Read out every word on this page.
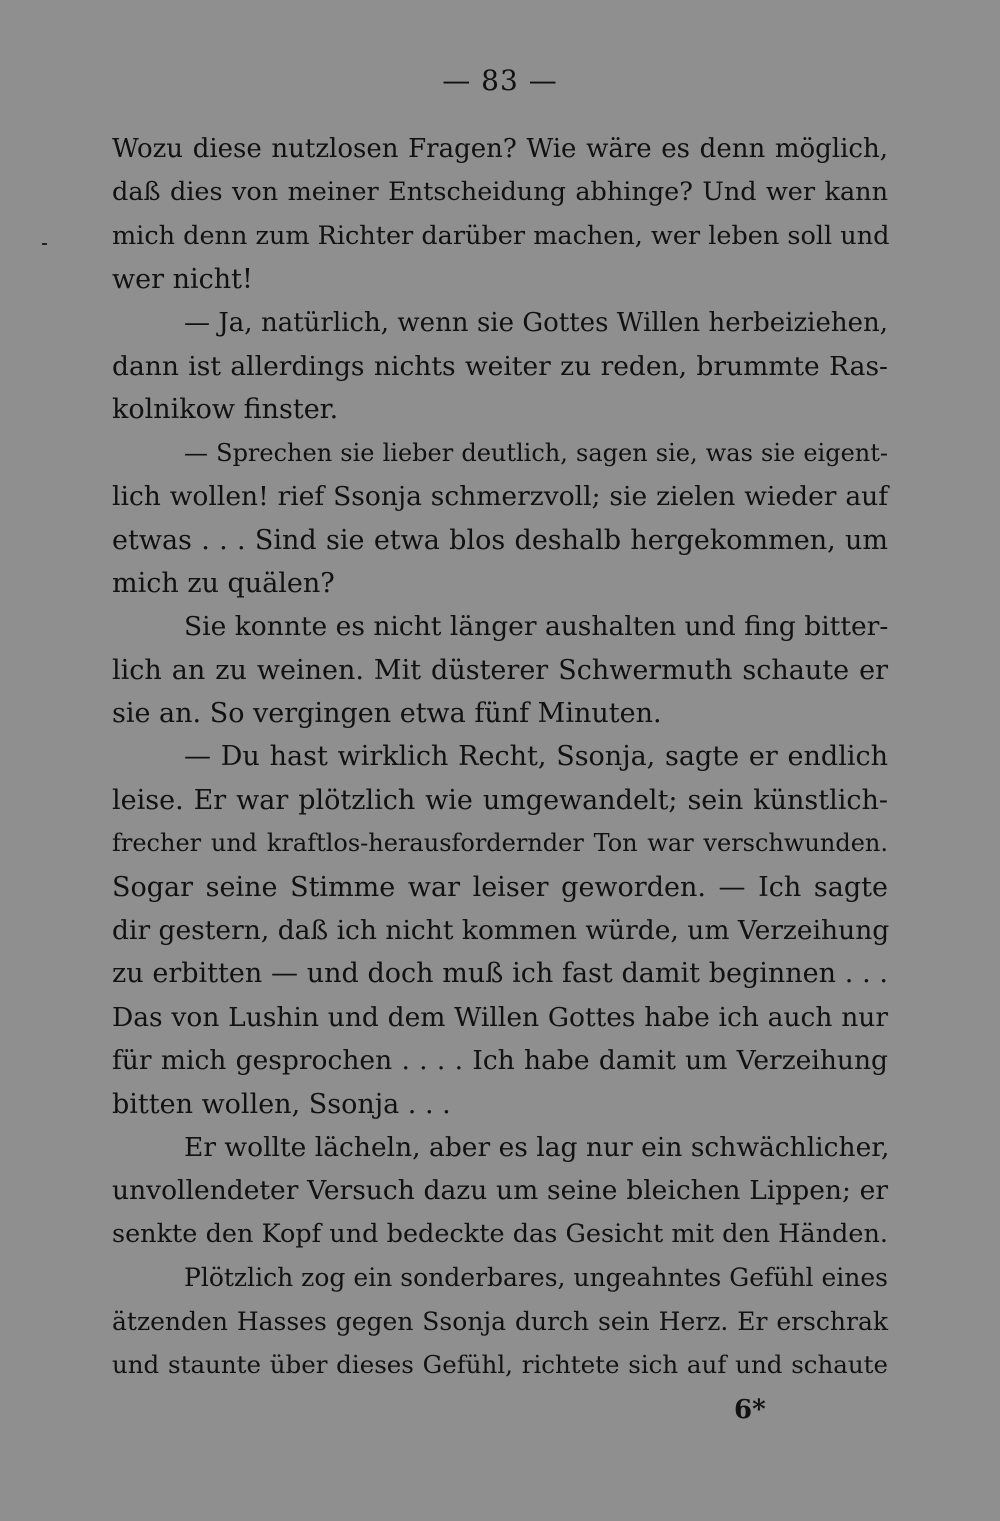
— 83 —
Wozu diese nutzlosen Fragen? Wie wäre es denn möglich,
daß dies von meiner Entscheidung abhinge? Und wer kann
mich denn zum Richter darüber machen, wer leben soll und
wer nicht!
— Ja, natürlich, wenn sie Gottes Willen herbeiziehen,
dann ist allerdings nichts weiter zu reden, brummte Ras-
kolnikow finster.
— Sprechen sie lieber deutlich, sagen sie, was sie eigent-
lich wollen! rief Ssonja schmerzvoll; sie zielen wieder auf
etwas . . . Sind sie etwa blos deshalb hergekommen, um
mich zu quälen?
Sie konnte es nicht länger aushalten und fing bitter-
lich an zu weinen. Mit düsterer Schwermuth schaute er
sie an. So vergingen etwa fünf Minuten.
— Du hast wirklich Recht, Ssonja, sagte er endlich
leise. Er war plötzlich wie umgewandelt; sein künstlich-
frecher und kraftlos-herausfordernder Ton war verschwunden.
Sogar seine Stimme war leiser geworden. — Ich sagte
dir gestern, daß ich nicht kommen würde, um Verzeihung
zu erbitten — und doch muß ich fast damit beginnen . . .
Das von Lushin und dem Willen Gottes habe ich auch nur
für mich gesprochen . . . . Ich habe damit um Verzeihung
bitten wollen, Ssonja . . .
Er wollte lächeln, aber es lag nur ein schwächlicher,
unvollendeter Versuch dazu um seine bleichen Lippen; er
senkte den Kopf und bedeckte das Gesicht mit den Händen.
Plötzlich zog ein sonderbares, ungeahntes Gefühl eines
ätzenden Hasses gegen Ssonja durch sein Herz. Er erschrak
und staunte über dieses Gefühl, richtete sich auf und schaute
6*
